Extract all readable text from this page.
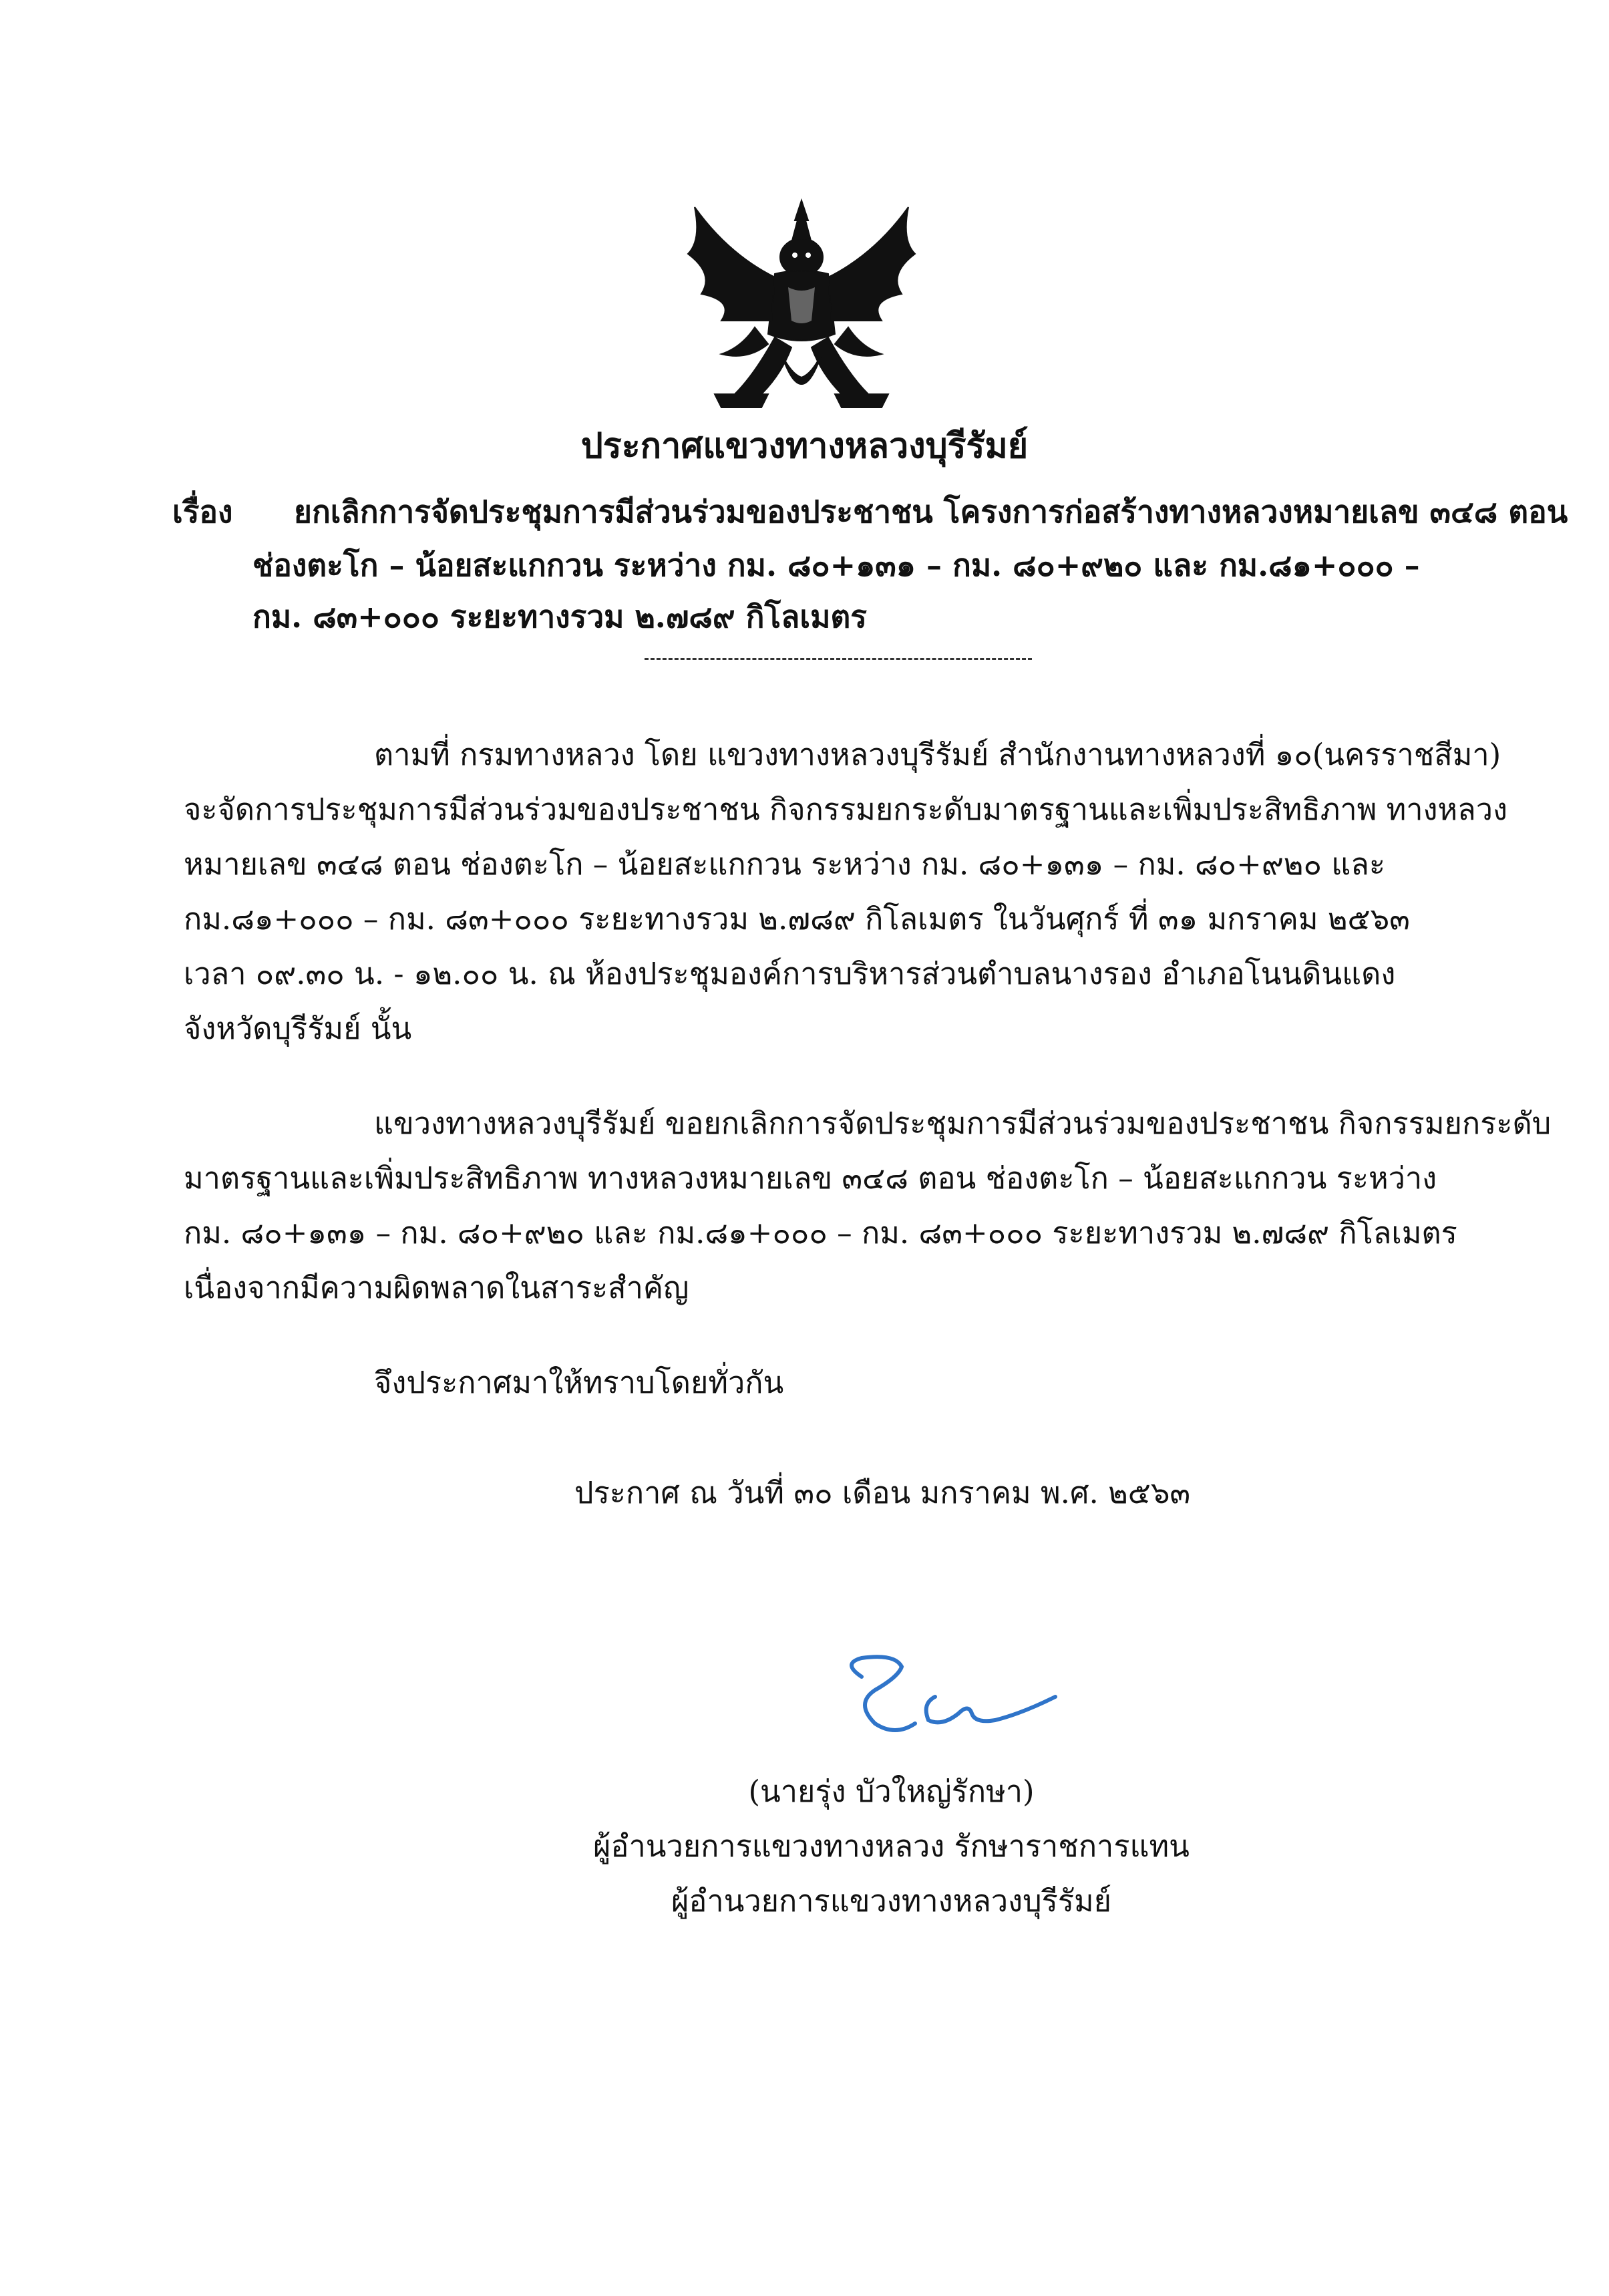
ประกาศแขวงทางหลวงบุรีรัมย์
เรื่อง ยกเลิกการจัดประชุมการมีส่วนร่วมของประชาชน โครงการก่อสร้างทางหลวงหมายเลข ๓๔๘ ตอน
ช่องตะโก – น้อยสะแกกวน ระหว่าง กม. ๘๐+๑๓๑ – กม. ๘๐+๙๒๐ และ กม.๘๑+๐๐๐ –
กม. ๘๓+๐๐๐ ระยะทางรวม ๒.๗๘๙ กิโลเมตร
ตามที่ กรมทางหลวง โดย แขวงทางหลวงบุรีรัมย์ สำนักงานทางหลวงที่ ๑๐(นครราชสีมา)
จะจัดการประชุมการมีส่วนร่วมของประชาชน กิจกรรมยกระดับมาตรฐานและเพิ่มประสิทธิภาพ ทางหลวง
หมายเลข ๓๔๘ ตอน ช่องตะโก – น้อยสะแกกวน ระหว่าง กม. ๘๐+๑๓๑ – กม. ๘๐+๙๒๐ และ
กม.๘๑+๐๐๐ – กม. ๘๓+๐๐๐ ระยะทางรวม ๒.๗๘๙ กิโลเมตร ในวันศุกร์ ที่ ๓๑ มกราคม ๒๕๖๓
เวลา ๐๙.๓๐ น. - ๑๒.๐๐ น. ณ ห้องประชุมองค์การบริหารส่วนตำบลนางรอง อำเภอโนนดินแดง
จังหวัดบุรีรัมย์ นั้น
แขวงทางหลวงบุรีรัมย์ ขอยกเลิกการจัดประชุมการมีส่วนร่วมของประชาชน กิจกรรมยกระดับ
มาตรฐานและเพิ่มประสิทธิภาพ ทางหลวงหมายเลข ๓๔๘ ตอน ช่องตะโก – น้อยสะแกกวน ระหว่าง
กม. ๘๐+๑๓๑ – กม. ๘๐+๙๒๐ และ กม.๘๑+๐๐๐ – กม. ๘๓+๐๐๐ ระยะทางรวม ๒.๗๘๙ กิโลเมตร
เนื่องจากมีความผิดพลาดในสาระสำคัญ
จึงประกาศมาให้ทราบโดยทั่วกัน
ประกาศ ณ วันที่ ๓๐ เดือน มกราคม พ.ศ. ๒๕๖๓
(นายรุ่ง บัวใหญ่รักษา)
ผู้อำนวยการแขวงทางหลวง รักษาราชการแทน
ผู้อำนวยการแขวงทางหลวงบุรีรัมย์
